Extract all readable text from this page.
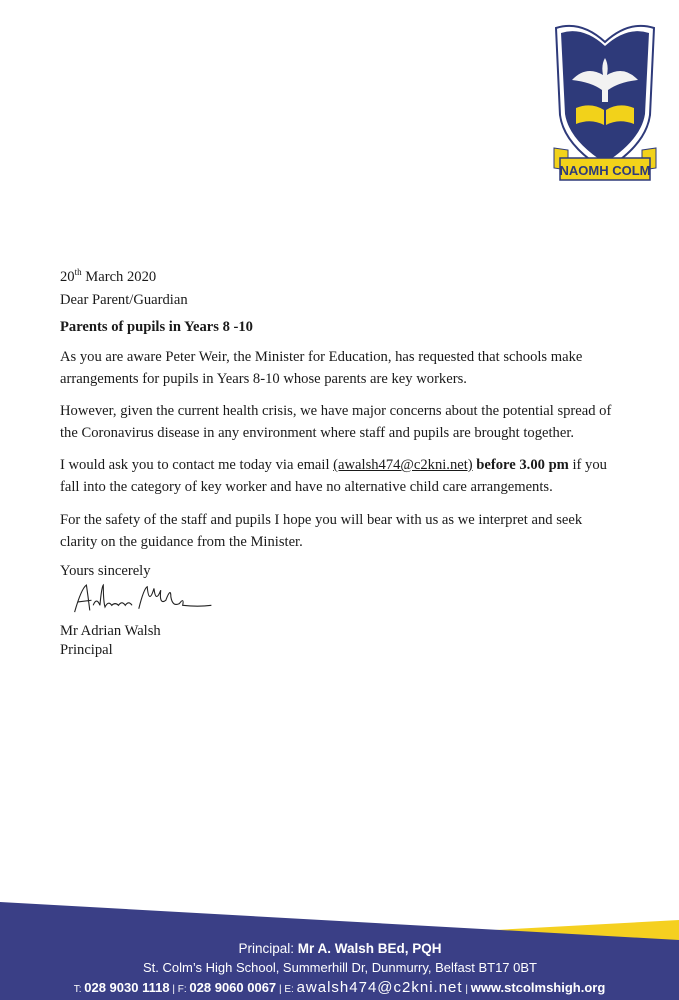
NAOMH COLM
20th March 2020
Dear Parent/Guardian
Parents of pupils in Years 8 -10
As you are aware Peter Weir, the Minister for Education, has requested that schools make
arrangements for pupils in Years 8-10 whose parents are key workers.
However, given the current health crisis, we have major concerns about the potential spread of
the Coronavirus disease in any environment where staff and pupils are brought together.
I would ask you to contact me today via email (awalsh474@c2kni.net) before 3.00 pm if you
fall into the category of key worker and have no alternative child care arrangements.
For the safety of the staff and pupils I hope you will bear with us as we interpret and seek
clarity on the guidance from the Minister.
Yours sincerely
Mr Adrian Walsh
Principal
Principal: Mr A. Walsh BEd, PQH
St. Colm’s High School, Summerhill Dr, Dunmurry, Belfast BT17 0BT
T: 028 9030 1118 | F: 028 9060 0067 | E: awalsh474@c2kni.net | www.stcolmshigh.org
